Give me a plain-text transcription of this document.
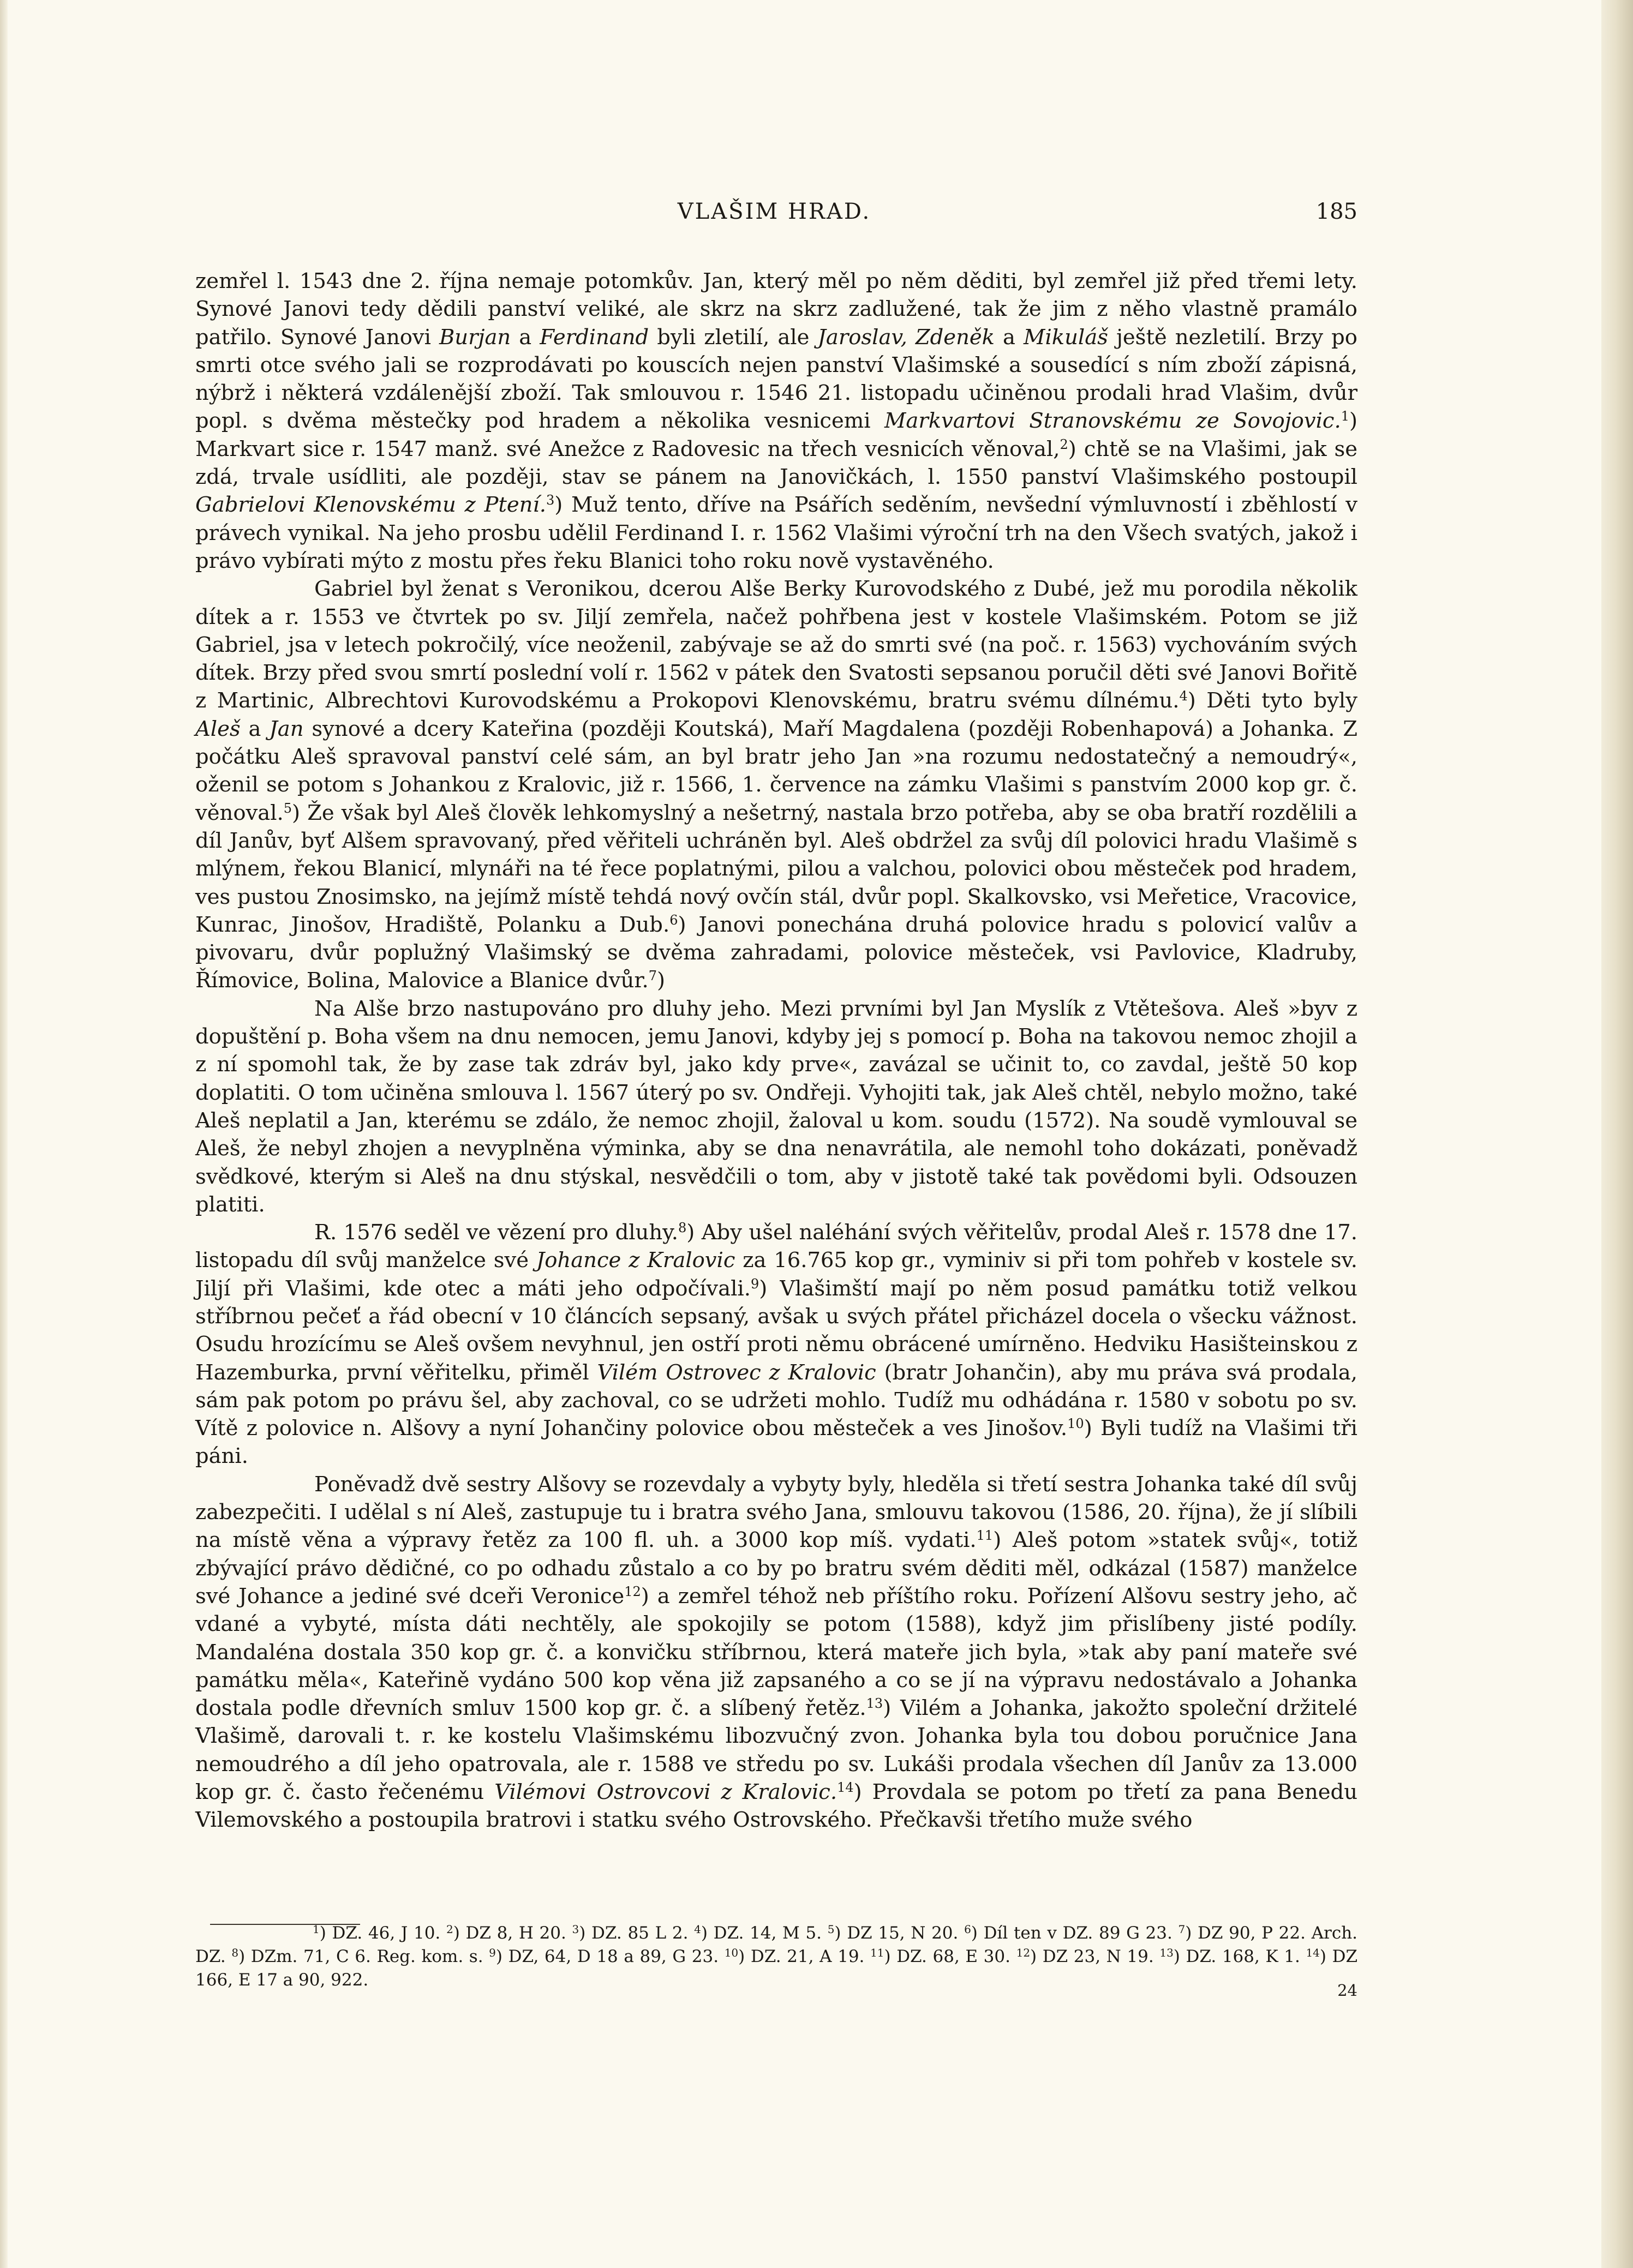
VLAŠIM HRAD.	185

zemřel l. 1543 dne 2. října nemaje potomkův. Jan, který měl po něm děditi, byl zemřel již před třemi lety. Synové Janovi tedy dědili panství veliké, ale skrz na skrz zadlužené, tak že jim z něho vlastně pramálo patřilo. Synové Janovi Burjan a Ferdinand byli zletilí, ale Jaroslav, Zdeněk a Mikuláš ještě nezletilí. Brzy po smrti otce svého jali se rozprodávati po kouscích nejen panství Vlašimské a sousedící s ním zboží zápisná, nýbrž i některá vzdálenější zboží. Tak smlouvou r. 1546 21. listopadu učiněnou prodali hrad Vlašim, dvůr popl. s dvěma městečky pod hradem a několika vesnicemi Markvartovi Stranovskému ze Sovojovic.$^1$) Markvart sice r. 1547 manž. své Anežce z Radovesic na třech vesnicích věnoval,$^2$) chtě se na Vlašimi, jak se zdá, trvale usídliti, ale později, stav se pánem na Janovičkách, l. 1550 panství Vlašimského postoupil Gabrielovi Klenovskému z Ptení.$^3$) Muž tento, dříve na Psářích seděním, nevšední výmluvností i zběhlostí v právech vynikal. Na jeho prosbu udělil Ferdinand I. r. 1562 Vlašimi výroční trh na den Všech svatých, jakož i právo vybírati mýto z mostu přes řeku Blanici toho roku nově vystavěného.

Gabriel byl ženat s Veronikou, dcerou Alše Berky Kurovodského z Dubé, jež mu porodila několik dítek a r. 1553 ve čtvrtek po sv. Jiljí zemřela, načež pohřbena jest v kostele Vlašimském. Potom se již Gabriel, jsa v letech pokročilý, více neoženil, zabývaje se až do smrti své (na poč. r. 1563) vychováním svých dítek. Brzy před svou smrtí poslední volí r. 1562 v pátek den Svatosti sepsanou poručil děti své Janovi Bořitě z Martinic, Albrechtovi Kurovodskému a Prokopovi Klenovskému, bratru svému dílnému.$^4$) Děti tyto byly Aleš a Jan synové a dcery Kateřina (později Koutská), Maří Magdalena (později Robenhapová) a Johanka. Z počátku Aleš spravoval panství celé sám, an byl bratr jeho Jan »na rozumu nedostatečný a nemoudrý«, oženil se potom s Johankou z Kralovic, již r. 1566, 1. července na zámku Vlašimi s panstvím 2000 kop gr. č. věnoval.$^5$) Že však byl Aleš člověk lehkomyslný a nešetrný, nastala brzo potřeba, aby se oba bratří rozdělili a díl Janův, byť Alšem spravovaný, před věřiteli uchráněn byl. Aleš obdržel za svůj díl polovici hradu Vlašimě s mlýnem, řekou Blanicí, mlynáři na té řece poplatnými, pilou a valchou, polovici obou městeček pod hradem, ves pustou Znosimsko, na jejímž místě tehdá nový ovčín stál, dvůr popl. Skalkovsko, vsi Meřetice, Vracovice, Kunrac, Jinošov, Hradiště, Polanku a Dub.$^6$) Janovi ponechána druhá polovice hradu s polovicí valův a pivovaru, dvůr poplužný Vlašimský se dvěma zahradami, polovice městeček, vsi Pavlovice, Kladruby, Římovice, Bolina, Malovice a Blanice dvůr.$^7$)

Na Alše brzo nastupováno pro dluhy jeho. Mezi prvními byl Jan Myslík z Vtětešova. Aleš »byv z dopuštění p. Boha všem na dnu nemocen, jemu Janovi, kdyby jej s pomocí p. Boha na takovou nemoc zhojil a z ní spomohl tak, že by zase tak zdráv byl, jako kdy prve«, zavázal se učinit to, co zavdal, ještě 50 kop doplatiti. O tom učiněna smlouva l. 1567 úterý po sv. Ondřeji. Vyhojiti tak, jak Aleš chtěl, nebylo možno, také Aleš neplatil a Jan, kterému se zdálo, že nemoc zhojil, žaloval u kom. soudu (1572). Na soudě vymlouval se Aleš, že nebyl zhojen a nevyplněna výminka, aby se dna nenavrátila, ale nemohl toho dokázati, poněvadž svědkové, kterým si Aleš na dnu stýskal, nesvědčili o tom, aby v jistotě také tak povědomi byli. Odsouzen platiti.

R. 1576 seděl ve vězení pro dluhy.$^8$) Aby ušel naléhání svých věřitelův, prodal Aleš r. 1578 dne 17. listopadu díl svůj manželce své Johance z Kralovic za 16.765 kop gr., vyminiv si při tom pohřeb v kostele sv. Jiljí při Vlašimi, kde otec a máti jeho odpočívali.$^9$) Vlašimští mají po něm posud památku totiž velkou stříbrnou pečeť a řád obecní v 10 článcích sepsaný, avšak u svých přátel přicházel docela o všecku vážnost. Osudu hrozícímu se Aleš ovšem nevyhnul, jen ostří proti němu obrácené umírněno. Hedviku Hasišteinskou z Hazemburka, první věřitelku, přiměl Vilém Ostrovec z Kralovic (bratr Johančin), aby mu práva svá prodala, sám pak potom po právu šel, aby zachoval, co se udržeti mohlo. Tudíž mu odhádána r. 1580 v sobotu po sv. Vítě z polovice n. Alšovy a nyní Johančiny polovice obou městeček a ves Jinošov.$^{10}$) Byli tudíž na Vlašimi tři páni.

Poněvadž dvě sestry Alšovy se rozevdaly a vybyty byly, hleděla si třetí sestra Johanka také díl svůj zabezpečiti. I udělal s ní Aleš, zastupuje tu i bratra svého Jana, smlouvu takovou (1586, 20. října), že jí slíbili na místě věna a výpravy řetěz za 100 fl. uh. a 3000 kop míš. vydati.$^{11}$) Aleš potom »statek svůj«, totiž zbývající právo dědičné, co po odhadu zůstalo a co by po bratru svém děditi měl, odkázal (1587) manželce své Johance a jediné své dceři Veronice$^{12}$) a zemřel téhož neb příštího roku. Pořízení Alšovu sestry jeho, ač vdané a vybyté, místa dáti nechtěly, ale spokojily se potom (1588), když jim přislíbeny jisté podíly. Mandaléna dostala 350 kop gr. č. a konvičku stříbrnou, která mateře jich byla, »tak aby paní mateře své památku měla«, Kateřině vydáno 500 kop věna již zapsaného a co se jí na výpravu nedostávalo a Johanka dostala podle dřevních smluv 1500 kop gr. č. a slíbený řetěz.$^{13}$) Vilém a Johanka, jakožto společní držitelé Vlašimě, darovali t. r. ke kostelu Vlašimskému libozvučný zvon. Johanka byla tou dobou poručnice Jana nemoudrého a díl jeho opatrovala, ale r. 1588 ve středu po sv. Lukáši prodala všechen díl Janův za 13.000 kop gr. č. často řečenému Vilémovi Ostrovcovi z Kralovic.$^{14}$) Provdala se potom po třetí za pana Benedu Vilemovského a postoupila bratrovi i statku svého Ostrovského. Přečkavši třetího muže svého

$^1$) DZ. 46, J 10. $^2$) DZ 8, H 20. $^3$) DZ. 85 L 2. $^4$) DZ. 14, M 5. $^5$) DZ 15, N 20. $^6$) Díl ten v DZ. 89 G 23. $^7$) DZ 90, P 22. Arch. DZ. $^8$) DZm. 71, C 6. Reg. kom. s. $^9$) DZ, 64, D 18 a 89, G 23. $^{10}$) DZ. 21, A 19. $^{11}$) DZ. 68, E 30. $^{12}$) DZ 23, N 19. $^{13}$) DZ. 168, K 1. $^{14}$) DZ 166, E 17 a 90, 922.

24
